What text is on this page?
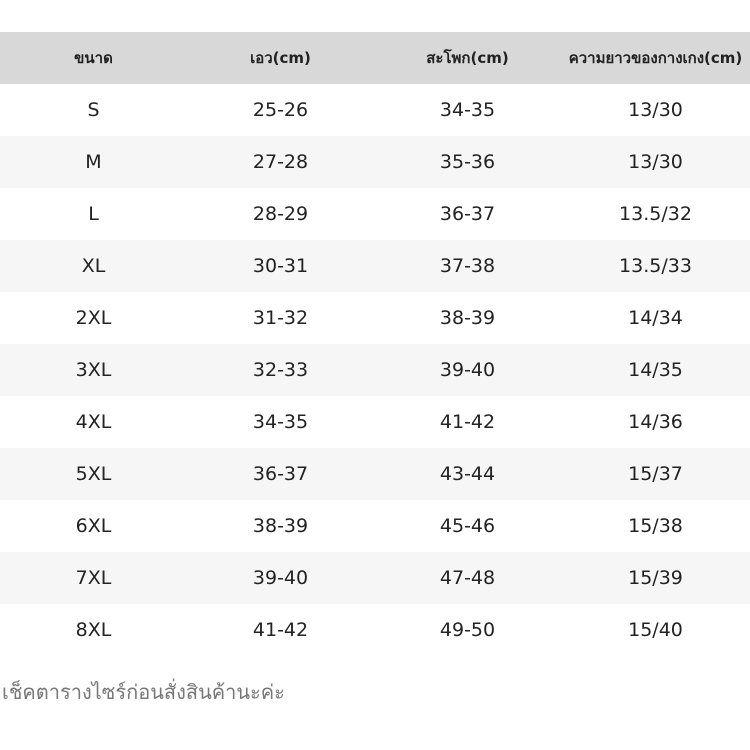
ขนาด	เอว(cm)	สะโพก(cm)	ความยาวของกางเกง(cm)
S	25-26	34-35	13/30
M	27-28	35-36	13/30
L	28-29	36-37	13.5/32
XL	30-31	37-38	13.5/33
2XL	31-32	38-39	14/34
3XL	32-33	39-40	14/35
4XL	34-35	41-42	14/36
5XL	36-37	43-44	15/37
6XL	38-39	45-46	15/38
7XL	39-40	47-48	15/39
8XL	41-42	49-50	15/40
เช็คตารางไซร์ก่อนสั่งสินค้านะค่ะ
